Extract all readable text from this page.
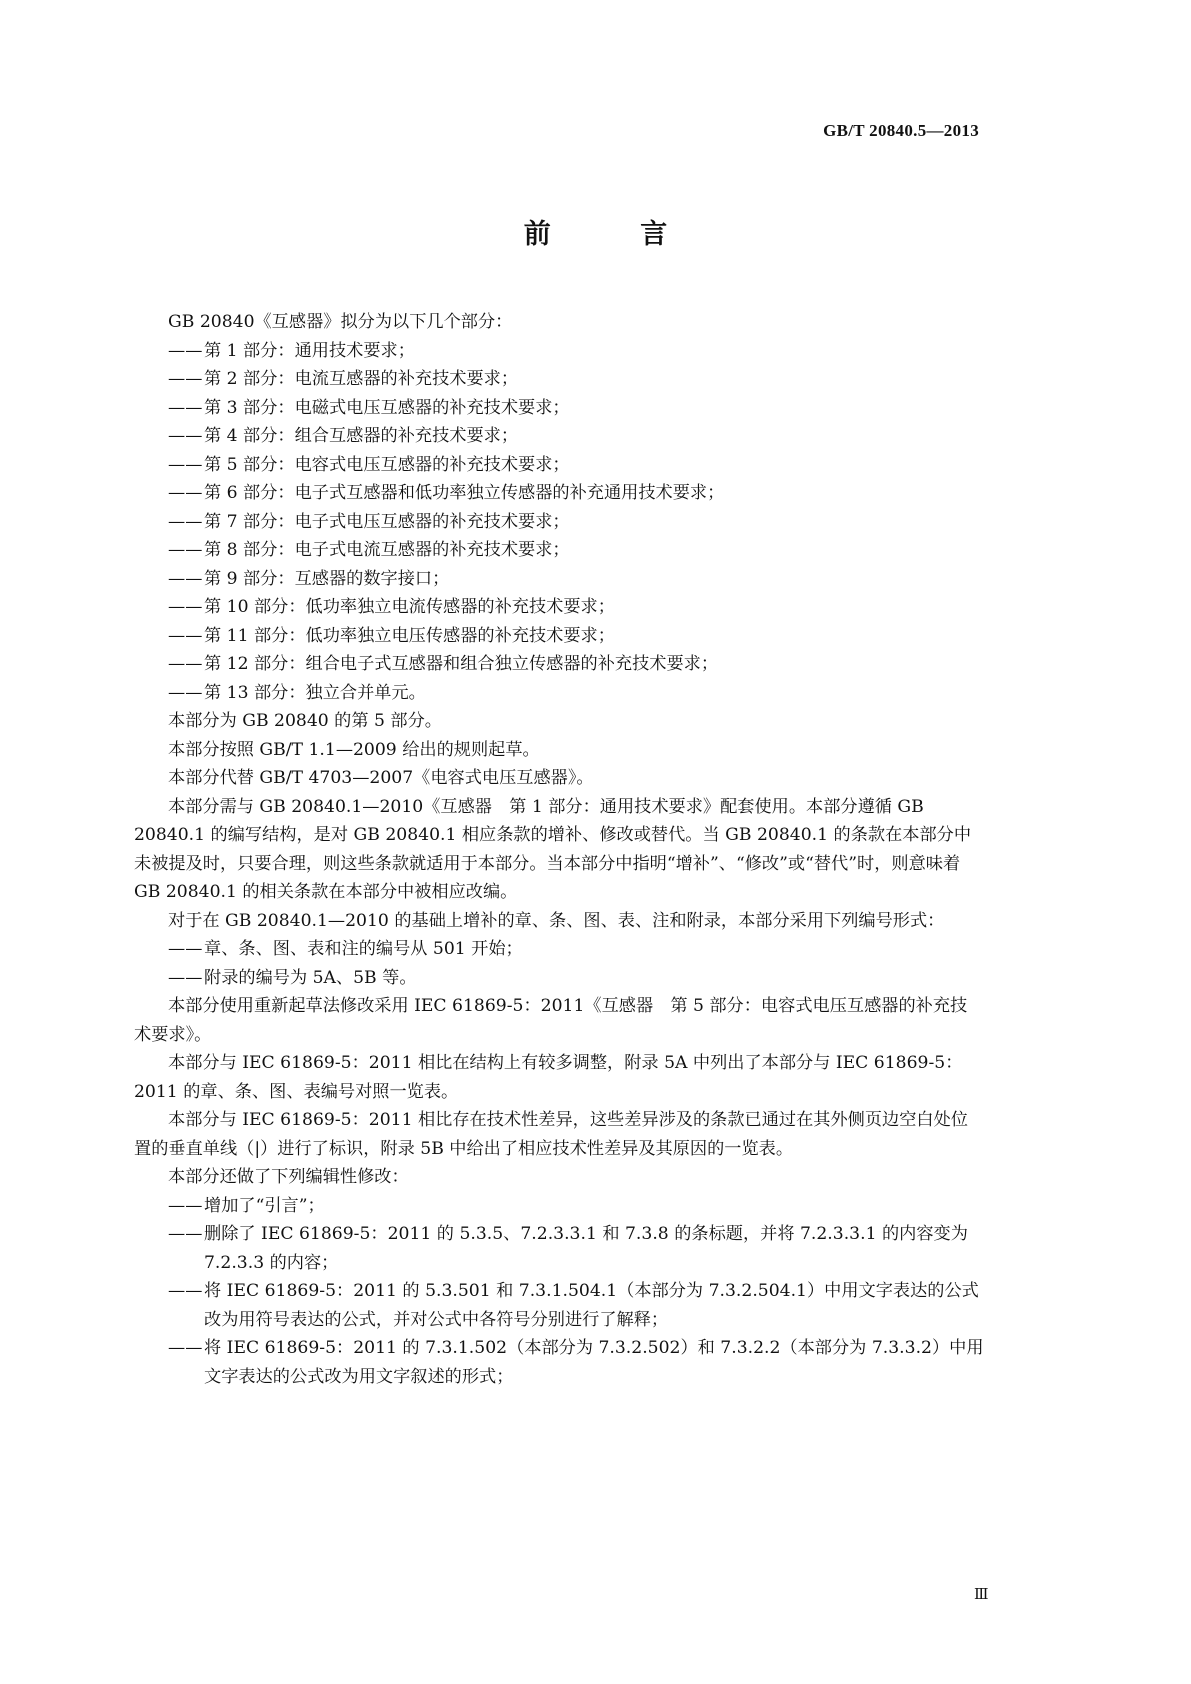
GB/T 20840.5—2013
前 言

GB 20840《互感器》拟分为以下几个部分：

——第 1 部分：通用技术要求；

——第 2 部分：电流互感器的补充技术要求；

——第 3 部分：电磁式电压互感器的补充技术要求；

——第 4 部分：组合互感器的补充技术要求；

——第 5 部分：电容式电压互感器的补充技术要求；

——第 6 部分：电子式互感器和低功率独立传感器的补充通用技术要求；

——第 7 部分：电子式电压互感器的补充技术要求；

——第 8 部分：电子式电流互感器的补充技术要求；

——第 9 部分：互感器的数字接口；

——第 10 部分：低功率独立电流传感器的补充技术要求；

——第 11 部分：低功率独立电压传感器的补充技术要求；

——第 12 部分：组合电子式互感器和组合独立传感器的补充技术要求；

——第 13 部分：独立合并单元。

本部分为 GB 20840 的第 5 部分。

本部分按照 GB/T 1.1—2009 给出的规则起草。

本部分代替 GB/T 4703—2007《电容式电压互感器》。

本部分需与 GB 20840.1—2010《互感器　第 1 部分：通用技术要求》配套使用。本部分遵循 GB 20840.1 的编写结构，是对 GB 20840.1 相应条款的增补、修改或替代。当 GB 20840.1 的条款在本部分中未被提及时，只要合理，则这些条款就适用于本部分。当本部分中指明“增补”、“修改”或“替代”时，则意味着 GB 20840.1 的相关条款在本部分中被相应改编。

对于在 GB 20840.1—2010 的基础上增补的章、条、图、表、注和附录，本部分采用下列编号形式：

——章、条、图、表和注的编号从 501 开始；

——附录的编号为 5A、5B 等。

本部分使用重新起草法修改采用 IEC 61869-5：2011《互感器　第 5 部分：电容式电压互感器的补充技术要求》。

本部分与 IEC 61869-5：2011 相比在结构上有较多调整，附录 5A 中列出了本部分与 IEC 61869-5：2011 的章、条、图、表编号对照一览表。

本部分与 IEC 61869-5：2011 相比存在技术性差异，这些差异涉及的条款已通过在其外侧页边空白处位置的垂直单线（|）进行了标识，附录 5B 中给出了相应技术性差异及其原因的一览表。

本部分还做了下列编辑性修改：

——增加了“引言”；

——删除了 IEC 61869-5：2011 的 5.3.5、7.2.3.3.1 和 7.3.8 的条标题，并将 7.2.3.3.1 的内容变为 7.2.3.3 的内容；

——将 IEC 61869-5：2011 的 5.3.501 和 7.3.1.504.1（本部分为 7.3.2.504.1）中用文字表达的公式改为用符号表达的公式，并对公式中各符号分别进行了解释；

——将 IEC 61869-5：2011 的 7.3.1.502（本部分为 7.3.2.502）和 7.3.2.2（本部分为 7.3.3.2）中用文字表达的公式改为用文字叙述的形式；

Ⅲ
